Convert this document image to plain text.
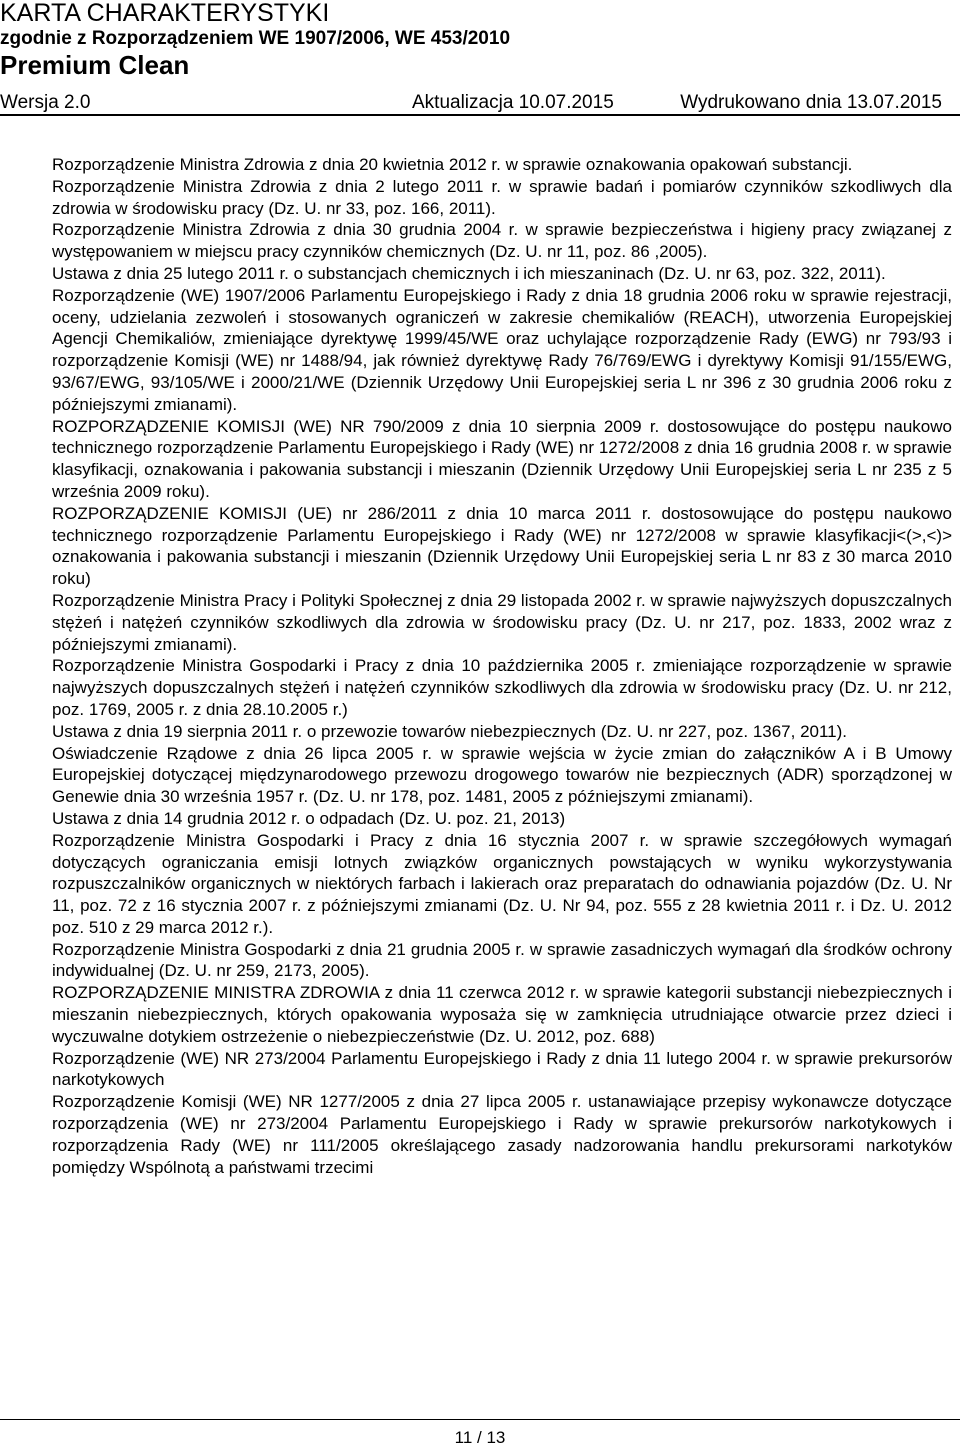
KARTA CHARAKTERYSTYKI
zgodnie z Rozporządzeniem WE 1907/2006, WE 453/2010
Premium Clean
Wersja 2.0	Aktualizacja 10.07.2015	Wydrukowano dnia 13.07.2015

Rozporządzenie Ministra Zdrowia z dnia 20 kwietnia 2012 r. w sprawie oznakowania opakowań substancji.

Rozporządzenie Ministra Zdrowia z dnia 2 lutego 2011 r. w sprawie badań i pomiarów czynników szkodliwych dla zdrowia w środowisku pracy (Dz. U. nr 33, poz. 166, 2011).

Rozporządzenie Ministra Zdrowia z dnia 30 grudnia 2004 r. w sprawie bezpieczeństwa i higieny pracy związanej z występowaniem w miejscu pracy czynników chemicznych (Dz. U. nr 11, poz. 86 ,2005).

Ustawa z dnia 25 lutego 2011 r. o substancjach chemicznych i ich mieszaninach (Dz. U. nr 63, poz. 322, 2011).

Rozporządzenie (WE) 1907/2006 Parlamentu Europejskiego i Rady z dnia 18 grudnia 2006 roku w sprawie rejestracji, oceny, udzielania zezwoleń i stosowanych ograniczeń w zakresie chemikaliów (REACH), utworzenia Europejskiej Agencji Chemikaliów, zmieniające dyrektywę 1999/45/WE oraz uchylające rozporządzenie Rady (EWG) nr 793/93 i rozporządzenie Komisji (WE) nr 1488/94, jak również dyrektywę Rady 76/769/EWG i dyrektywy Komisji 91/155/EWG, 93/67/EWG, 93/105/WE i 2000/21/WE (Dziennik Urzędowy Unii Europejskiej seria L nr 396 z 30 grudnia 2006 roku z późniejszymi zmianami).

ROZPORZĄDZENIE KOMISJI (WE) NR 790/2009 z dnia 10 sierpnia 2009 r. dostosowujące do postępu naukowo technicznego rozporządzenie Parlamentu Europejskiego i Rady (WE) nr 1272/2008 z dnia 16 grudnia 2008 r. w sprawie klasyfikacji, oznakowania i pakowania substancji i mieszanin (Dziennik Urzędowy Unii Europejskiej seria L nr 235 z 5 września 2009 roku).

ROZPORZĄDZENIE KOMISJI (UE) nr 286/2011 z dnia 10 marca 2011 r. dostosowujące do postępu naukowo technicznego rozporządzenie Parlamentu Europejskiego i Rady (WE) nr 1272/2008 w sprawie klasyfikacji<(>,<)> oznakowania i pakowania substancji i mieszanin (Dziennik Urzędowy Unii Europejskiej seria L nr 83 z 30 marca 2010 roku)

Rozporządzenie Ministra Pracy i Polityki Społecznej z dnia 29 listopada 2002 r. w sprawie najwyższych dopuszczalnych stężeń i natężeń czynników szkodliwych dla zdrowia w środowisku pracy (Dz. U. nr 217, poz. 1833, 2002 wraz z późniejszymi zmianami).

Rozporządzenie Ministra Gospodarki i Pracy z dnia 10 października 2005 r. zmieniające rozporządzenie w sprawie najwyższych dopuszczalnych stężeń i natężeń czynników szkodliwych dla zdrowia w środowisku pracy (Dz. U. nr 212, poz. 1769, 2005 r. z dnia 28.10.2005 r.)

Ustawa z dnia 19 sierpnia 2011 r. o przewozie towarów niebezpiecznych (Dz. U. nr 227, poz. 1367, 2011).

Oświadczenie Rządowe z dnia 26 lipca 2005 r. w sprawie wejścia w życie zmian do załączników A i B Umowy Europejskiej dotyczącej międzynarodowego przewozu drogowego towarów nie bezpiecznych (ADR) sporządzonej w Genewie dnia 30 września 1957 r. (Dz. U. nr 178, poz. 1481, 2005 z późniejszymi zmianami).

Ustawa z dnia 14 grudnia 2012 r. o odpadach (Dz. U. poz. 21, 2013)

Rozporządzenie Ministra Gospodarki i Pracy z dnia 16 stycznia 2007 r. w sprawie szczegółowych wymagań dotyczących ograniczania emisji lotnych związków organicznych powstających w wyniku wykorzystywania rozpuszczalników organicznych w niektórych farbach i lakierach oraz preparatach do odnawiania pojazdów (Dz. U. Nr 11, poz. 72 z 16 stycznia 2007 r. z późniejszymi zmianami (Dz. U. Nr 94, poz. 555 z 28 kwietnia 2011 r. i Dz. U. 2012 poz. 510 z 29 marca 2012 r.).

Rozporządzenie Ministra Gospodarki z dnia 21 grudnia 2005 r. w sprawie zasadniczych wymagań dla środków ochrony indywidualnej (Dz. U. nr 259, 2173, 2005).

ROZPORZĄDZENIE MINISTRA ZDROWIA z dnia 11 czerwca 2012 r. w sprawie kategorii substancji niebezpiecznych i mieszanin niebezpiecznych, których opakowania wyposaża się w zamknięcia utrudniające otwarcie przez dzieci i wyczuwalne dotykiem ostrzeżenie o niebezpieczeństwie (Dz. U. 2012, poz. 688)

Rozporządzenie (WE) NR 273/2004 Parlamentu Europejskiego i Rady z dnia 11 lutego 2004 r. w sprawie prekursorów narkotykowych

Rozporządzenie Komisji (WE) NR 1277/2005 z dnia 27 lipca 2005 r. ustanawiające przepisy wykonawcze dotyczące rozporządzenia (WE) nr 273/2004 Parlamentu Europejskiego i Rady w sprawie prekursorów narkotykowych i rozporządzenia Rady (WE) nr 111/2005 określającego zasady nadzorowania handlu prekursorami narkotyków pomiędzy Wspólnotą a państwami trzecimi

11 / 13
